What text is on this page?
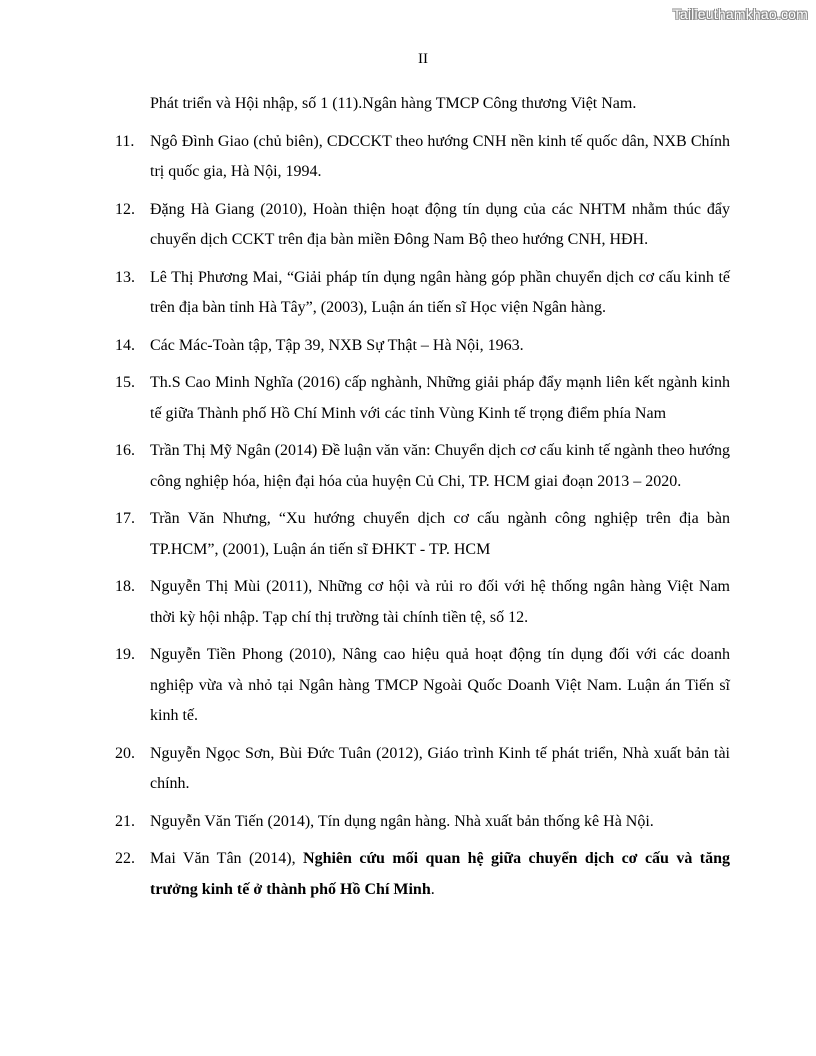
Tailieuthamkhao.com
II
Phát triển và Hội nhập, số 1 (11).Ngân hàng TMCP Công thương Việt Nam.
11. Ngô Đình Giao (chủ biên), CDCCKT theo hướng CNH nền kinh tế quốc dân, NXB Chính trị quốc gia, Hà Nội, 1994.
12. Đặng Hà Giang (2010), Hoàn thiện hoạt động tín dụng của các NHTM nhằm thúc đẩy chuyển dịch CCKT trên địa bàn miền Đông Nam Bộ theo hướng CNH, HĐH.
13. Lê Thị Phương Mai, “Giải pháp tín dụng ngân hàng góp phần chuyển dịch cơ cấu kinh tế trên địa bàn tỉnh Hà Tây”, (2003), Luận án tiến sĩ Học viện Ngân hàng.
14. Các Mác-Toàn tập, Tập 39, NXB Sự Thật – Hà Nội, 1963.
15. Th.S Cao Minh Nghĩa (2016) cấp nghành, Những giải pháp đẩy mạnh liên kết ngành kinh tế giữa Thành phố Hồ Chí Minh với các tỉnh Vùng Kinh tế trọng điểm phía Nam
16. Trần Thị Mỹ Ngân (2014) Đề luận văn văn: Chuyển dịch cơ cấu kinh tế ngành theo hướng công nghiệp hóa, hiện đại hóa của huyện Củ Chi, TP. HCM giai đoạn 2013 – 2020.
17. Trần Văn Nhưng, “Xu hướng chuyển dịch cơ cấu ngành công nghiệp trên địa bàn TP.HCM”, (2001), Luận án tiến sĩ ĐHKT - TP. HCM
18. Nguyễn Thị Mùi (2011), Những cơ hội và rủi ro đối với hệ thống ngân hàng Việt Nam thời kỳ hội nhập. Tạp chí thị trường tài chính tiền tệ, số 12.
19. Nguyễn Tiền Phong (2010), Nâng cao hiệu quả hoạt động tín dụng đối với các doanh nghiệp vừa và nhỏ tại Ngân hàng TMCP Ngoài Quốc Doanh Việt Nam. Luận án Tiến sĩ kinh tế.
20. Nguyễn Ngọc Sơn, Bùi Đức Tuân (2012), Giáo trình Kinh tế phát triển, Nhà xuất bản tài chính.
21. Nguyễn Văn Tiến (2014), Tín dụng ngân hàng. Nhà xuất bản thống kê Hà Nội.
22. Mai Văn Tân (2014), Nghiên cứu mối quan hệ giữa chuyển dịch cơ cấu và tăng trưởng kinh tế ở thành phố Hồ Chí Minh.
